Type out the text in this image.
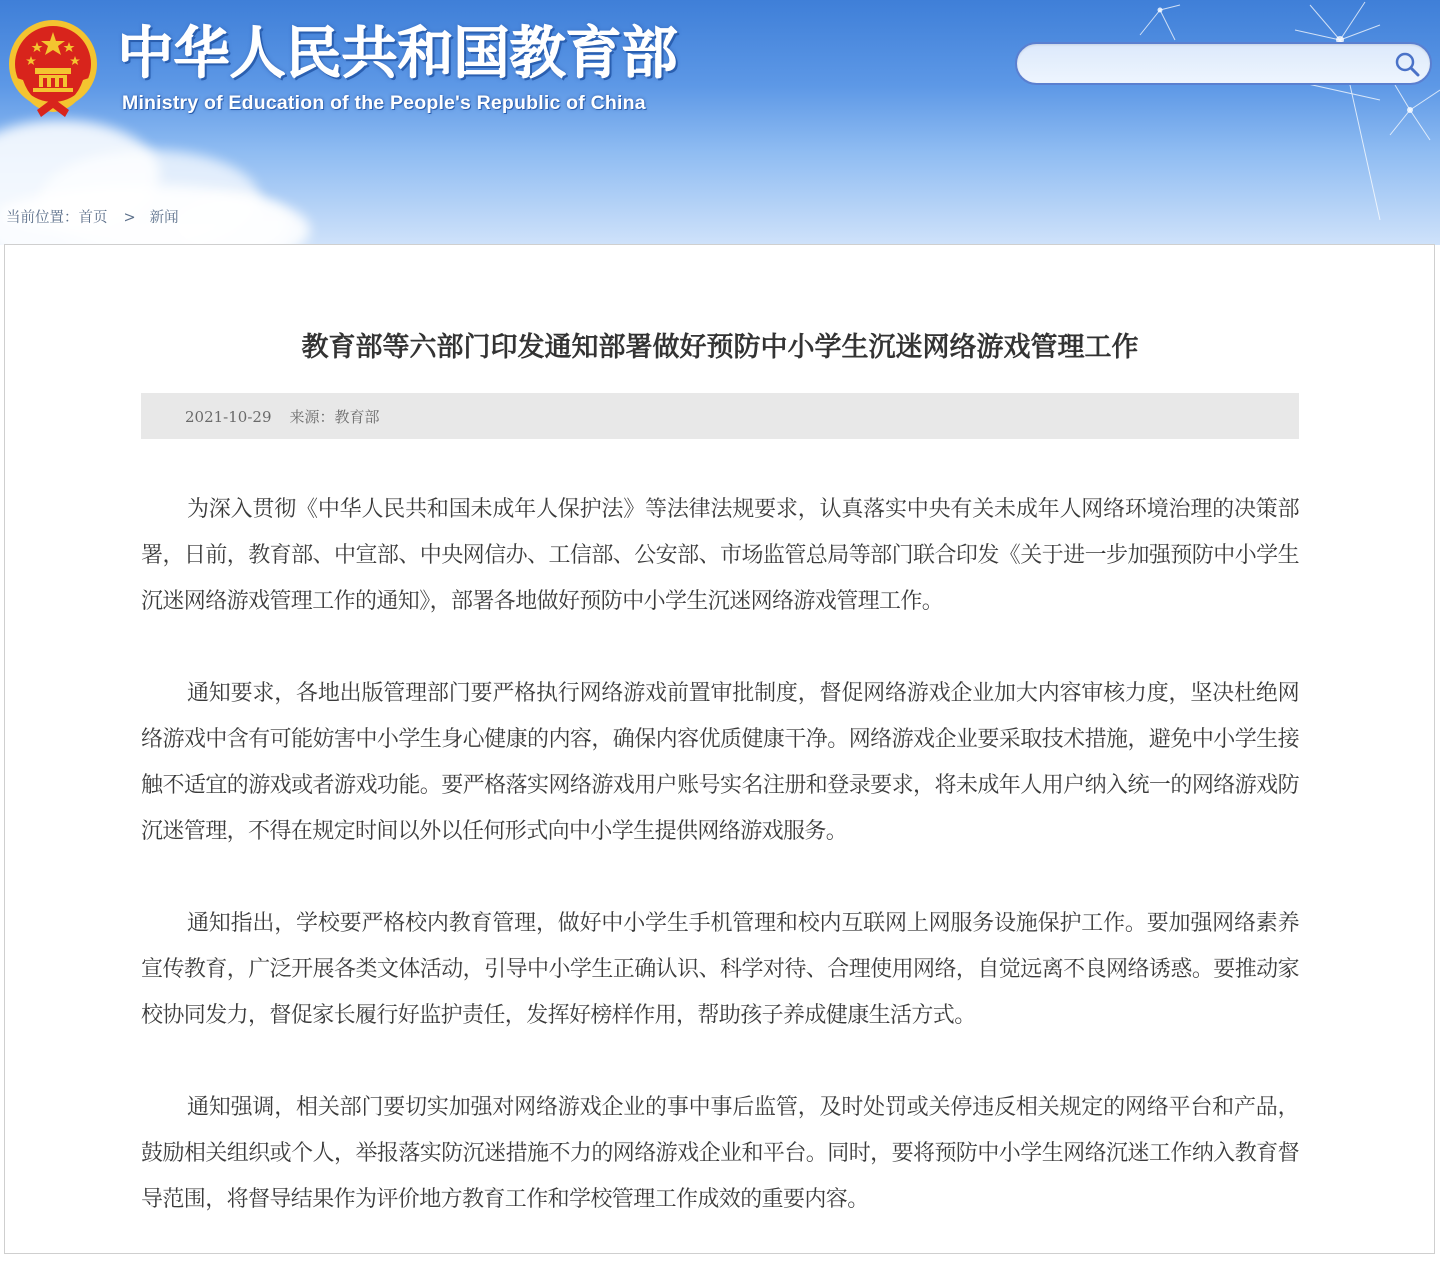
中华人民共和国教育部
Ministry of Education of the People's Republic of China
当前位置：首页 > 新闻
教育部等六部门印发通知部署做好预防中小学生沉迷网络游戏管理工作
2021-10-29 来源：教育部

为深入贯彻《中华人民共和国未成年人保护法》等法律法规要求，认真落实中央有关未成年人网络环境治理的决策部署，日前，教育部、中宣部、中央网信办、工信部、公安部、市场监管总局等部门联合印发《关于进一步加强预防中小学生沉迷网络游戏管理工作的通知》，部署各地做好预防中小学生沉迷网络游戏管理工作。

通知要求，各地出版管理部门要严格执行网络游戏前置审批制度，督促网络游戏企业加大内容审核力度，坚决杜绝网络游戏中含有可能妨害中小学生身心健康的内容，确保内容优质健康干净。网络游戏企业要采取技术措施，避免中小学生接触不适宜的游戏或者游戏功能。要严格落实网络游戏用户账号实名注册和登录要求，将未成年人用户纳入统一的网络游戏防沉迷管理，不得在规定时间以外以任何形式向中小学生提供网络游戏服务。

通知指出，学校要严格校内教育管理，做好中小学生手机管理和校内互联网上网服务设施保护工作。要加强网络素养宣传教育，广泛开展各类文体活动，引导中小学生正确认识、科学对待、合理使用网络，自觉远离不良网络诱惑。要推动家校协同发力，督促家长履行好监护责任，发挥好榜样作用，帮助孩子养成健康生活方式。

通知强调，相关部门要切实加强对网络游戏企业的事中事后监管，及时处罚或关停违反相关规定的网络平台和产品，鼓励相关组织或个人，举报落实防沉迷措施不力的网络游戏企业和平台。同时，要将预防中小学生网络沉迷工作纳入教育督导范围，将督导结果作为评价地方教育工作和学校管理工作成效的重要内容。
